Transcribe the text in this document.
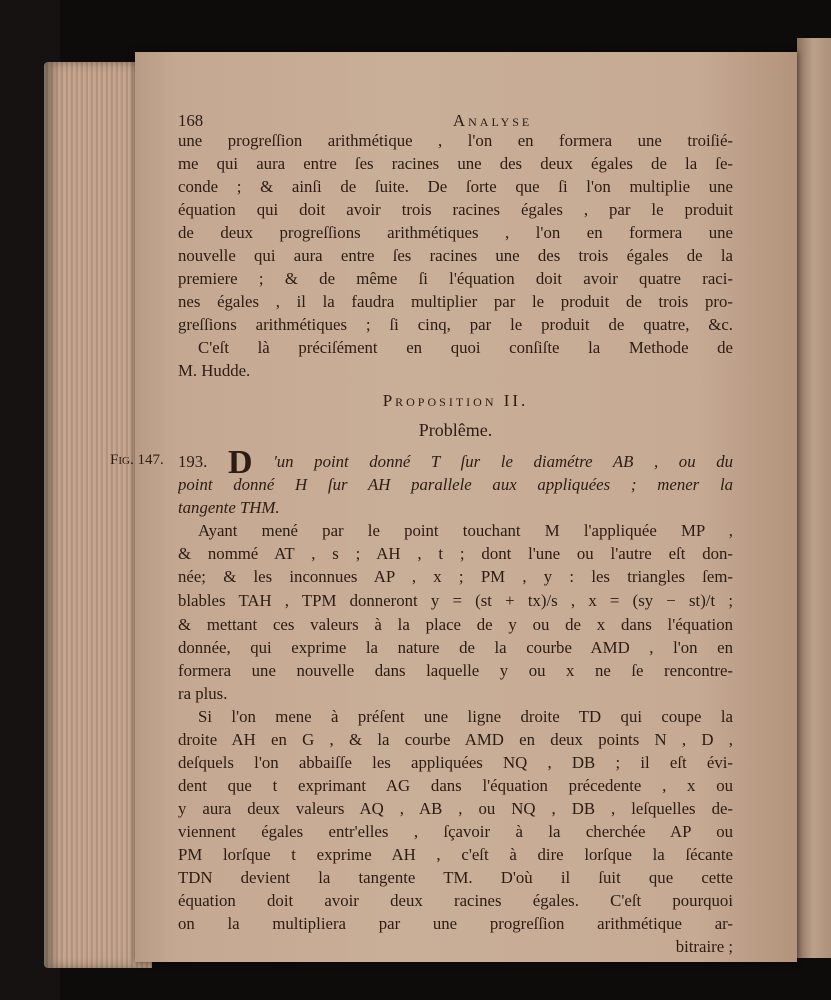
168	Analyse
une progreſſion arithmétique , l'on en formera une troiſié-
me qui aura entre ſes racines une des deux égales de la ſe-
conde ; & ainſi de ſuite. De ſorte que ſi l'on multiplie une
équation qui doit avoir trois racines égales , par le produit
de deux progreſſions arithmétiques , l'on en formera une
nouvelle qui aura entre ſes racines une des trois égales de la
premiere ; & de même ſi l'équation doit avoir quatre raci-
nes égales , il la faudra multiplier par le produit de trois pro-
greſſions arithmétiques ; ſi cinq, par le produit de quatre, &c.
C'eſt là préciſément en quoi conſiſte la Methode de
M. Hudde.
Proposition II.
Problême.
193. D 'un point donné T ſur le diamétre AB , ou du
point donné H ſur AH parallele aux appliquées ; mener la
tangente THM.
Ayant mené par le point touchant M l'appliquée MP ,
& nommé AT , s ; AH , t ; dont l'une ou l'autre eſt don-
née; & les inconnues AP , x ; PM , y : les triangles ſem-
blables TAH , TPM donneront y = (st + tx)/s , x = (sy − st)/t ;
& mettant ces valeurs à la place de y ou de x dans l'équation
donnée, qui exprime la nature de la courbe AMD , l'on en
formera une nouvelle dans laquelle y ou x ne ſe rencontre-
ra plus.
Si l'on mene à préſent une ligne droite TD qui coupe la
droite AH en G , & la courbe AMD en deux points N , D ,
deſquels l'on abbaiſſe les appliquées NQ , DB ; il eſt évi-
dent que t exprimant AG dans l'équation précedente , x ou
y aura deux valeurs AQ , AB , ou NQ , DB , leſquelles de-
viennent égales entr'elles , ſçavoir à la cherchée AP ou
PM lorſque t exprime AH , c'eſt à dire lorſque la ſécante
TDN devient la tangente TM. D'où il ſuit que cette
équation doit avoir deux racines égales. C'eſt pourquoi
on la multipliera par une progreſſion arithmétique ar-
bitraire ;
Fig. 147.
